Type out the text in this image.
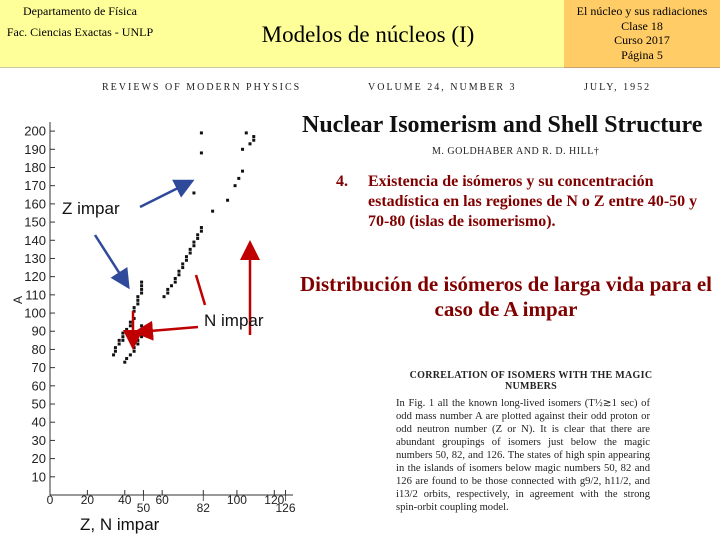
Departamento de Física
Fac. Ciencias Exactas - UNLP	Modelos de núcleos (I)
El núcleo y sus radiaciones
Clase 18
Curso 2017
Página 5
REVIEWS OF MODERN PHYSICS	VOLUME 24, NUMBER 3	JULY, 1952
A
10
20
30
40
50
60
70
80
90
100
110
120
130
140
150
160
170
180
190
200
0 20 40
50
60
82
100 120
126
Z impar
N impar
Z, N impar
Nuclear Isomerism and Shell Structure
M. GOLDHABER AND R. D. HILL†
4. Existencia de isómeros y su concentración estadística en las regiones de N o Z entre 40-50 y 70-80 (islas de isomerismo).
Distribución de isómeros de larga vida para el caso de A impar
CORRELATION OF ISOMERS WITH THE MAGIC NUMBERS
In Fig. 1 all the known long-lived isomers (T½≳1 sec) of odd mass number A are plotted against their odd proton or odd neutron number (Z or N). It is clear that there are abundant groupings of isomers just below the magic numbers 50, 82, and 126. The states of high spin appearing in the islands of isomers below magic numbers 50, 82 and 126 are found to be those connected with g9/2, h11/2, and i13/2 orbits, respectively, in agreement with the strong spin-orbit coupling model.
